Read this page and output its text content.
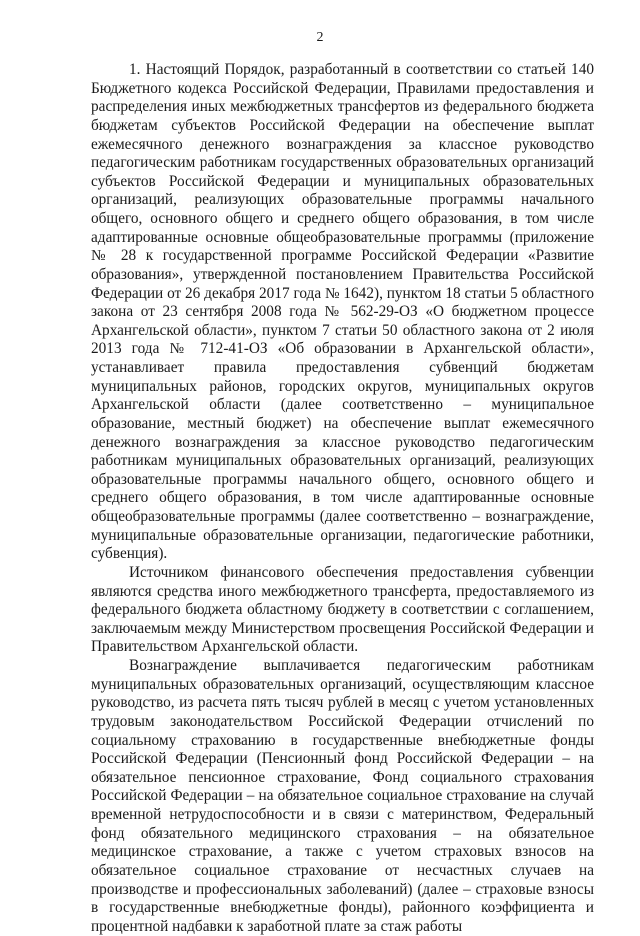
2

1. Настоящий Порядок, разработанный в соответствии со статьей 140 Бюджетного кодекса Российской Федерации, Правилами предоставления и распределения иных межбюджетных трансфертов из федерального бюджета бюджетам субъектов Российской Федерации на обеспечение выплат ежемесячного денежного вознаграждения за классное руководство педагогическим работникам государственных образовательных организаций субъектов Российской Федерации и муниципальных образовательных организаций, реализующих образовательные программы начального общего, основного общего и среднего общего образования, в том числе адаптированные основные общеобразовательные программы (приложение № 28 к государственной программе Российской Федерации «Развитие образования», утвержденной постановлением Правительства Российской Федерации от 26 декабря 2017 года № 1642), пунктом 18 статьи 5 областного закона от 23 сентября 2008 года № 562-29-ОЗ «О бюджетном процессе Архангельской области», пунктом 7 статьи 50 областного закона от 2 июля 2013 года № 712-41-ОЗ «Об образовании в Архангельской области», устанавливает правила предоставления субвенций бюджетам муниципальных районов, городских округов, муниципальных округов Архангельской области (далее соответственно – муниципальное образование, местный бюджет) на обеспечение выплат ежемесячного денежного вознаграждения за классное руководство педагогическим работникам муниципальных образовательных организаций, реализующих образовательные программы начального общего, основного общего и среднего общего образования, в том числе адаптированные основные общеобразовательные программы (далее соответственно – вознаграждение, муниципальные образовательные организации, педагогические работники, субвенция).

Источником финансового обеспечения предоставления субвенции являются средства иного межбюджетного трансферта, предоставляемого из федерального бюджета областному бюджету в соответствии с соглашением, заключаемым между Министерством просвещения Российской Федерации и Правительством Архангельской области.

Вознаграждение выплачивается педагогическим работникам муниципальных образовательных организаций, осуществляющим классное руководство, из расчета пять тысяч рублей в месяц с учетом установленных трудовым законодательством Российской Федерации отчислений по социальному страхованию в государственные внебюджетные фонды Российской Федерации (Пенсионный фонд Российской Федерации – на обязательное пенсионное страхование, Фонд социального страхования Российской Федерации – на обязательное социальное страхование на случай временной нетрудоспособности и в связи с материнством, Федеральный фонд обязательного медицинского страхования – на обязательное медицинское страхование, а также с учетом страховых взносов на обязательное социальное страхование от несчастных случаев на производстве и профессиональных заболеваний) (далее – страховые взносы в государственные внебюджетные фонды), районного коэффициента и процентной надбавки к заработной плате за стаж работы
